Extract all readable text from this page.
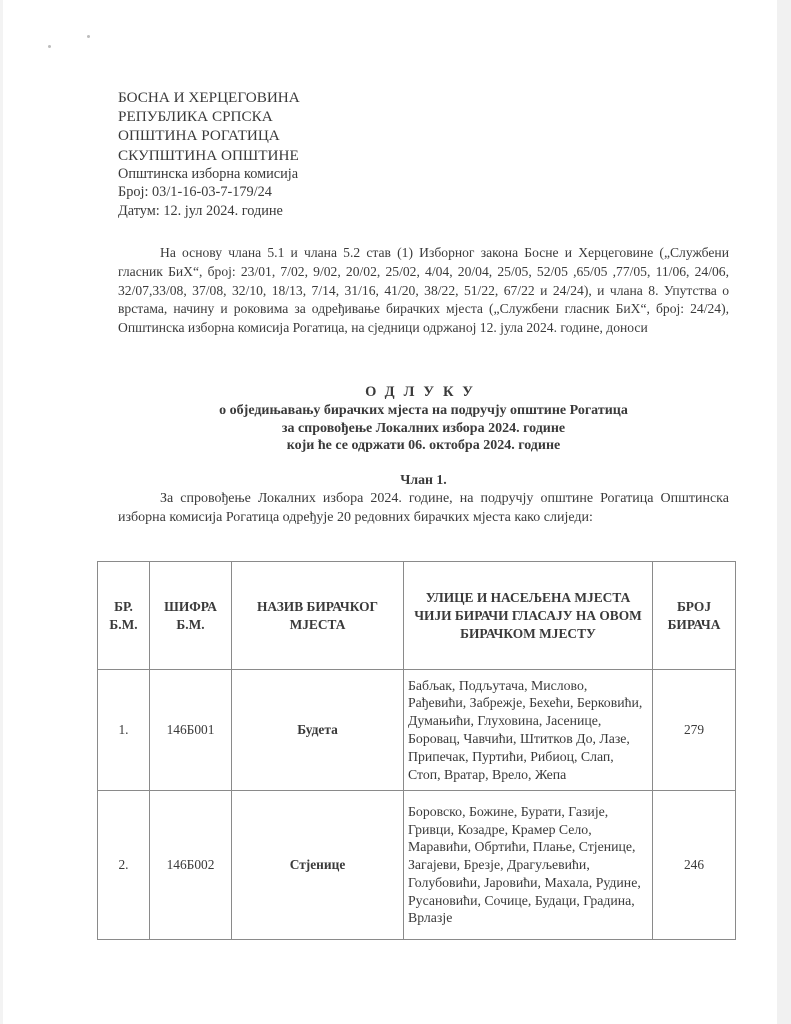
БОСНА И ХЕРЦЕГОВИНА
РЕПУБЛИКА СРПСКА
ОПШТИНА РОГАТИЦА
СКУПШТИНА ОПШТИНЕ
Општинска изборна комисија
Број: 03/1-16-03-7-179/24
Датум: 12. јул 2024. године

На основу члана 5.1 и члана 5.2 став (1) Изборног закона Босне и Херцеговине („Службени гласник БиХ“, број: 23/01, 7/02, 9/02, 20/02, 25/02, 4/04, 20/04, 25/05, 52/05 ,65/05 ,77/05, 11/06, 24/06, 32/07,33/08, 37/08, 32/10, 18/13, 7/14, 31/16, 41/20, 38/22, 51/22, 67/22 и 24/24), и члана 8. Упутства о врстама, начину и роковима за одређивање бирачких мјеста („Службени гласник БиХ“, број: 24/24), Општинска изборна комисија Рогатица, на сједници одржаној 12. јула 2024. године, доноси

ОДЛУКУ
о обједињавању бирачких мјеста на подручју општине Рогатица
за спровођење Локалних избора 2024. године
који ће се одржати 06. октобра 2024. године
Члан 1.

За спровођење Локалних избора 2024. године, на подручју општине Рогатица Општинска изборна комисија Рогатица одређује 20 редовних бирачких мјеста како слиједи:

БР. Б.М.	ШИФРА Б.М.	НАЗИВ БИРАЧКОГ МЈЕСТА	УЛИЦЕ И НАСЕЉЕНА МЈЕСТА ЧИЈИ БИРАЧИ ГЛАСАЈУ НА ОВОМ БИРАЧКОМ МЈЕСТУ	БРОЈ БИРАЧА
1.	146Б001	Будета	Бабљак, Подљутача, Мислово, Рађевићи, Забрежје, Бехећи, Берковићи, Думањићи, Глуховина, Јасенице, Боровац, Чавчићи, Штитков До, Лазе, Припечак, Пуртићи, Рибиоц, Слап, Стоп, Вратар, Врело, Жепа	279
2.	146Б002	Стјенице	Боровско, Божине, Бурати, Газије, Гривци, Козадре, Крамер Село, Маравићи, Обртићи, Плање, Стјенице, Загајеви, Брезје, Драгуљевићи, Голубовићи, Јаровићи, Махала, Рудине, Русановићи, Сочице, Будаци, Градина, Врлазје	246
